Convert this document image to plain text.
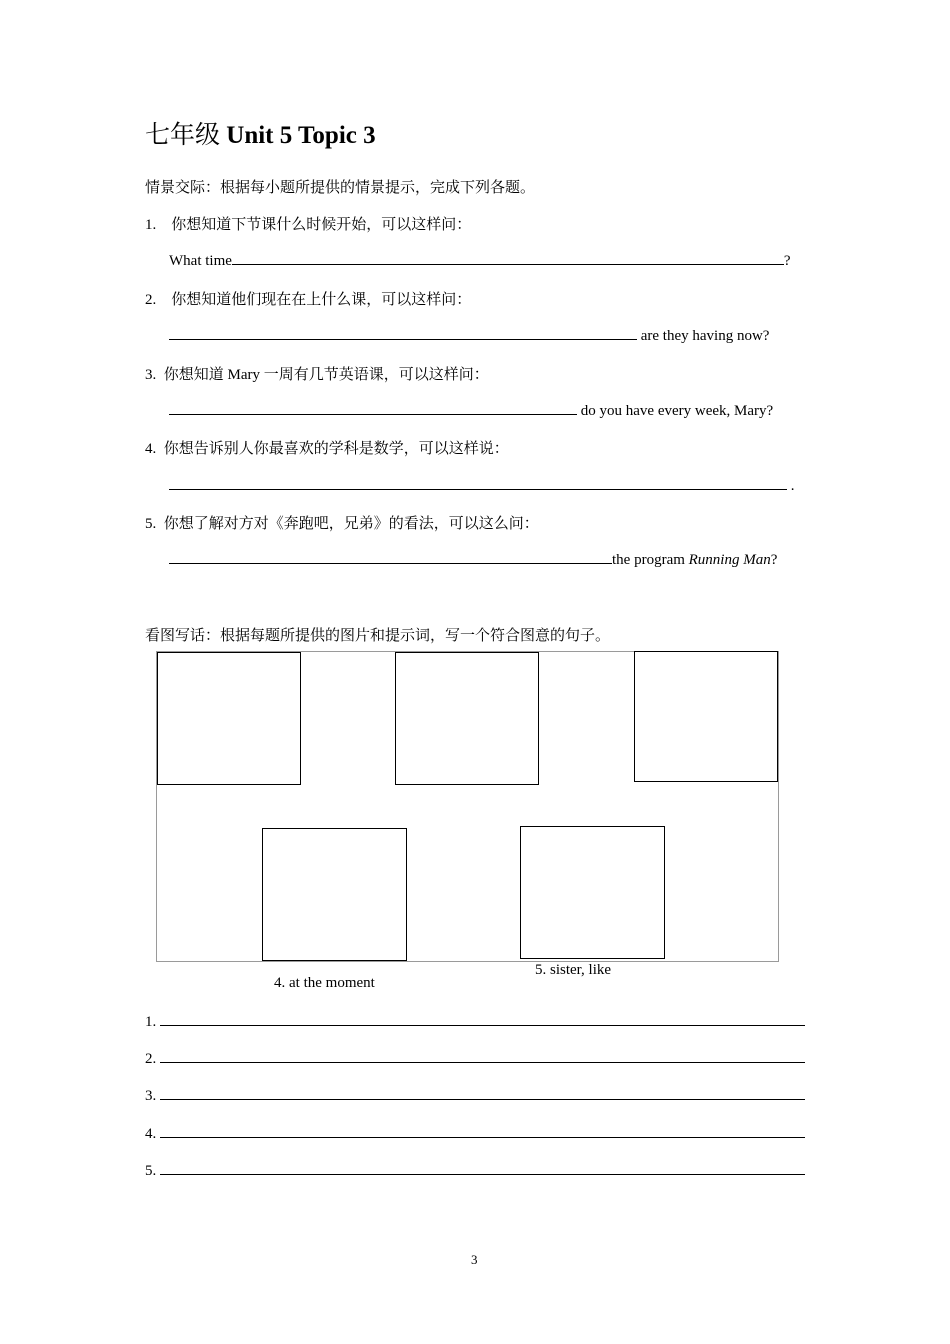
七年级 Unit 5 Topic 3
情景交际：根据每小题所提供的情景提示，完成下列各题。
1. 你想知道下节课什么时候开始，可以这样问：
What time	?
2. 你想知道他们现在在上什么课，可以这样问：
are they having now?
3. 你想知道 Mary 一周有几节英语课，可以这样问：
do you have every week, Mary?
4. 你想告诉别人你最喜欢的学科是数学，可以这样说：
.
5. 你想了解对方对《奔跑吧，兄弟》的看法，可以这么问：
the program Running Man?
看图写话：根据每题所提供的图片和提示词，写一个符合图意的句子。
4. at the moment
5. sister, like
1.
2.
3.
4.
5.
3
